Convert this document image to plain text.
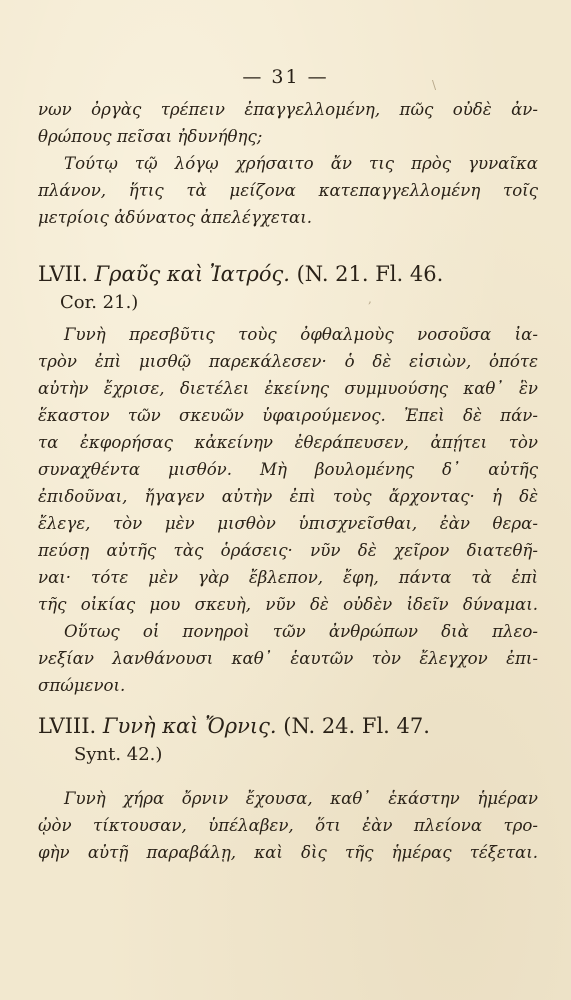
— 31 —
νων ὀργὰς τρέπειν ἐπαγγελλομένη, πῶς οὐδὲ ἀν-
θρώπους πεῖσαι ἠδυνήθης;
Τούτῳ τῷ λόγῳ χρήσαιτο ἄν τις πρὸς γυναῖκα
πλάνον, ἥτις τὰ μείζονα κατεπαγγελλομένη τοῖς
μετρίοις ἀδύνατος ἀπελέγχεται.
LVII. Γραῦς καὶ Ἰατρός. (N. 21. Fl. 46.
Cor. 21.)
Γυνὴ πρεσβῦτις τοὺς ὀφθαλμοὺς νοσοῦσα ἰα-
τρὸν ἐπὶ μισθῷ παρεκάλεσεν· ὁ δὲ εἰσιὼν, ὁπότε
αὐτὴν ἔχρισε, διετέλει ἐκείνης συμμυούσης καθ᾽ ἓν
ἕκαστον τῶν σκευῶν ὑφαιρούμενος. Ἐπεὶ δὲ πάν-
τα ἐκφορήσας κἀκείνην ἐθεράπευσεν, ἀπῄτει τὸν
συναχθέντα μισθόν. Μὴ βουλομένης δ᾽ αὐτῆς
ἐπιδοῦναι, ἤγαγεν αὐτὴν ἐπὶ τοὺς ἄρχοντας· ἡ δὲ
ἔλεγε, τὸν μὲν μισθὸν ὑπισχνεῖσθαι, ἐὰν θερα-
πεύσῃ αὐτῆς τὰς ὁράσεις· νῦν δὲ χεῖρον διατεθῆ-
ναι· τότε μὲν γὰρ ἔβλεπον, ἔφη, πάντα τὰ ἐπὶ
τῆς οἰκίας μου σκευὴ, νῦν δὲ οὐδὲν ἰδεῖν δύναμαι.
Οὕτως οἱ πονηροὶ τῶν ἀνθρώπων διὰ πλεο-
νεξίαν λανθάνουσι καθ᾽ ἑαυτῶν τὸν ἔλεγχον ἐπι-
σπώμενοι.
LVIII. Γυνὴ καὶ Ὄρνις. (N. 24. Fl. 47.
Synt. 42.)
Γυνὴ χήρα ὄρνιν ἔχουσα, καθ᾽ ἑκάστην ἡμέραν
ᾠὸν τίκτουσαν, ὑπέλαβεν, ὅτι ἐὰν πλείονα τρο-
φὴν αὐτῇ παραβάλῃ, καὶ δὶς τῆς ἡμέρας τέξεται.
\
,
